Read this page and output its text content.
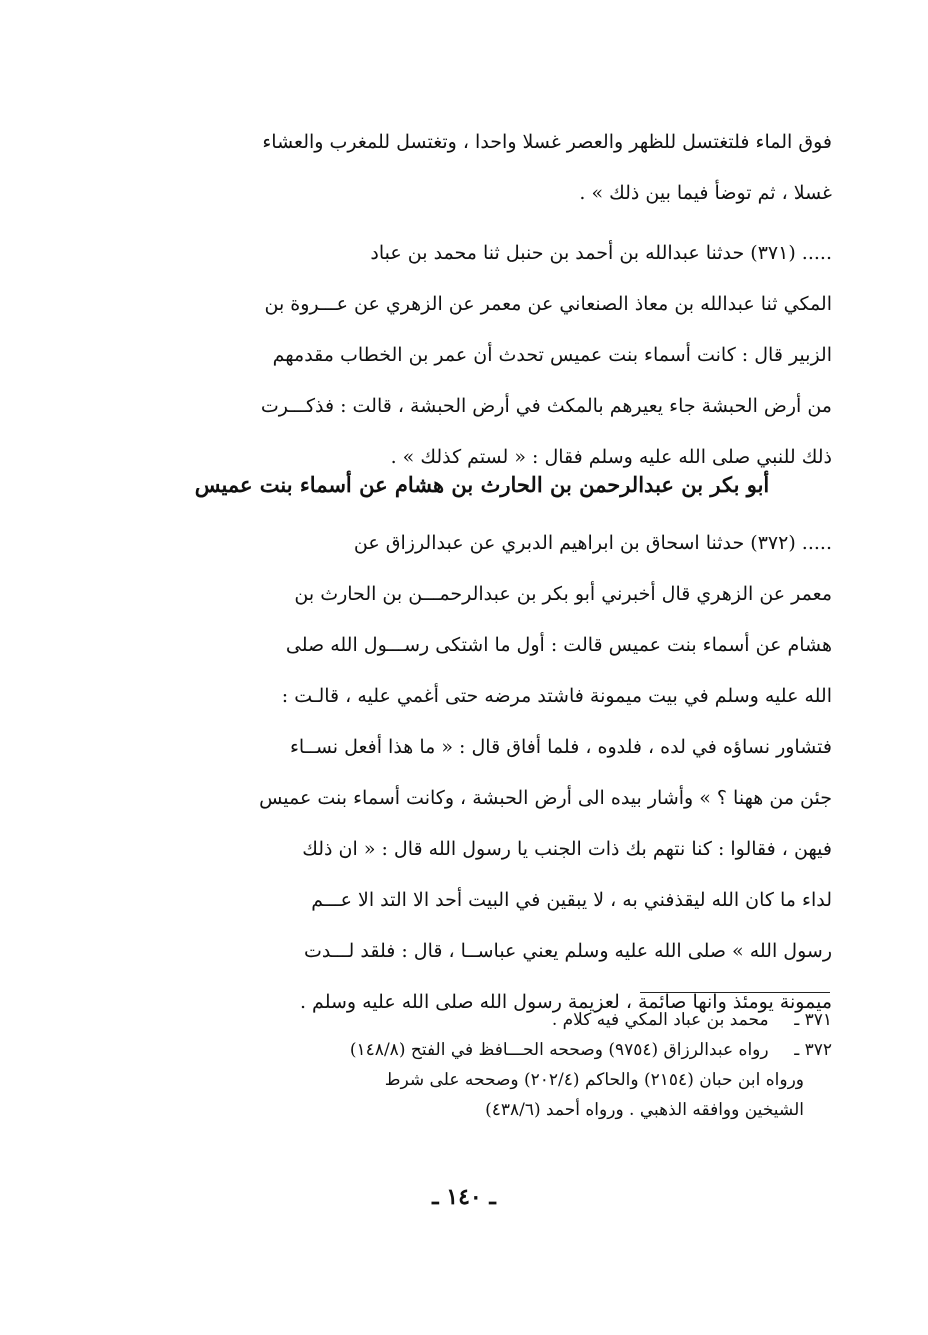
فوق الماء فلتغتسل للظهر والعصر غسلا واحدا ، وتغتسل للمغرب والعشاء
غسلا ، ثم توضأ فيما بين ذلك » .
..... (٣٧١) حدثنا عبدالله بن أحمد بن حنبل ثنا محمد بن عباد
المكي ثنا عبدالله بن معاذ الصنعاني عن معمر عن الزهري عن عـــروة بن
الزبير قال : كانت أسماء بنت عميس تحدث أن عمر بن الخطاب مقدمهم
من أرض الحبشة جاء يعيرهم بالمكث في أرض الحبشة ، قالت : فذكـــرت
ذلك للنبي صلى الله عليه وسلم فقال : « لستم كذلك » .
أبو بكر بن عبدالرحمن بن الحارث بن هشام عن أسماء بنت عميس
..... (٣٧٢) حدثنا اسحاق بن ابراهيم الدبري عن عبدالرزاق عن
معمر عن الزهري قال أخبرني أبو بكر بن عبدالرحمـــن بن الحارث بن
هشام عن أسماء بنت عميس قالت : أول ما اشتكى رســـول الله صلى
الله عليه وسلم في بيت ميمونة فاشتد مرضه حتى أغمي عليه ، قالـت :
فتشاور نساؤه في لده ، فلدوه ، فلما أفاق قال : « ما هذا أفعل نســاء
جئن من ههنا ؟ » وأشار بيده الى أرض الحبشة ، وكانت أسماء بنت عميس
فيهن ، فقالوا : كنا نتهم بك ذات الجنب يا رسول الله قال : « ان ذلك
لداء ما كان الله ليقذفني به ، لا يبقين في البيت أحد الا التد الا عـــم
رسول الله » صلى الله عليه وسلم يعني عباســا ، قال : فلقد لـــدت
ميمونة يومئذ وانها صائمة ، لعزيمة رسول الله صلى الله عليه وسلم .
٣٧١ ـ محمد بن عباد المكي فيه كلام .
٣٧٢ ـ رواه عبدالرزاق (٩٧٥٤) وصححه الحـــافظ في الفتح (١٤٨/٨)
ورواه ابن حبان (٢١٥٤) والحاكم (٢٠٢/٤) وصححه على شرط
الشيخين ووافقه الذهبي . ورواه أحمد (٤٣٨/٦)
ـ ١٤٠ ـ
